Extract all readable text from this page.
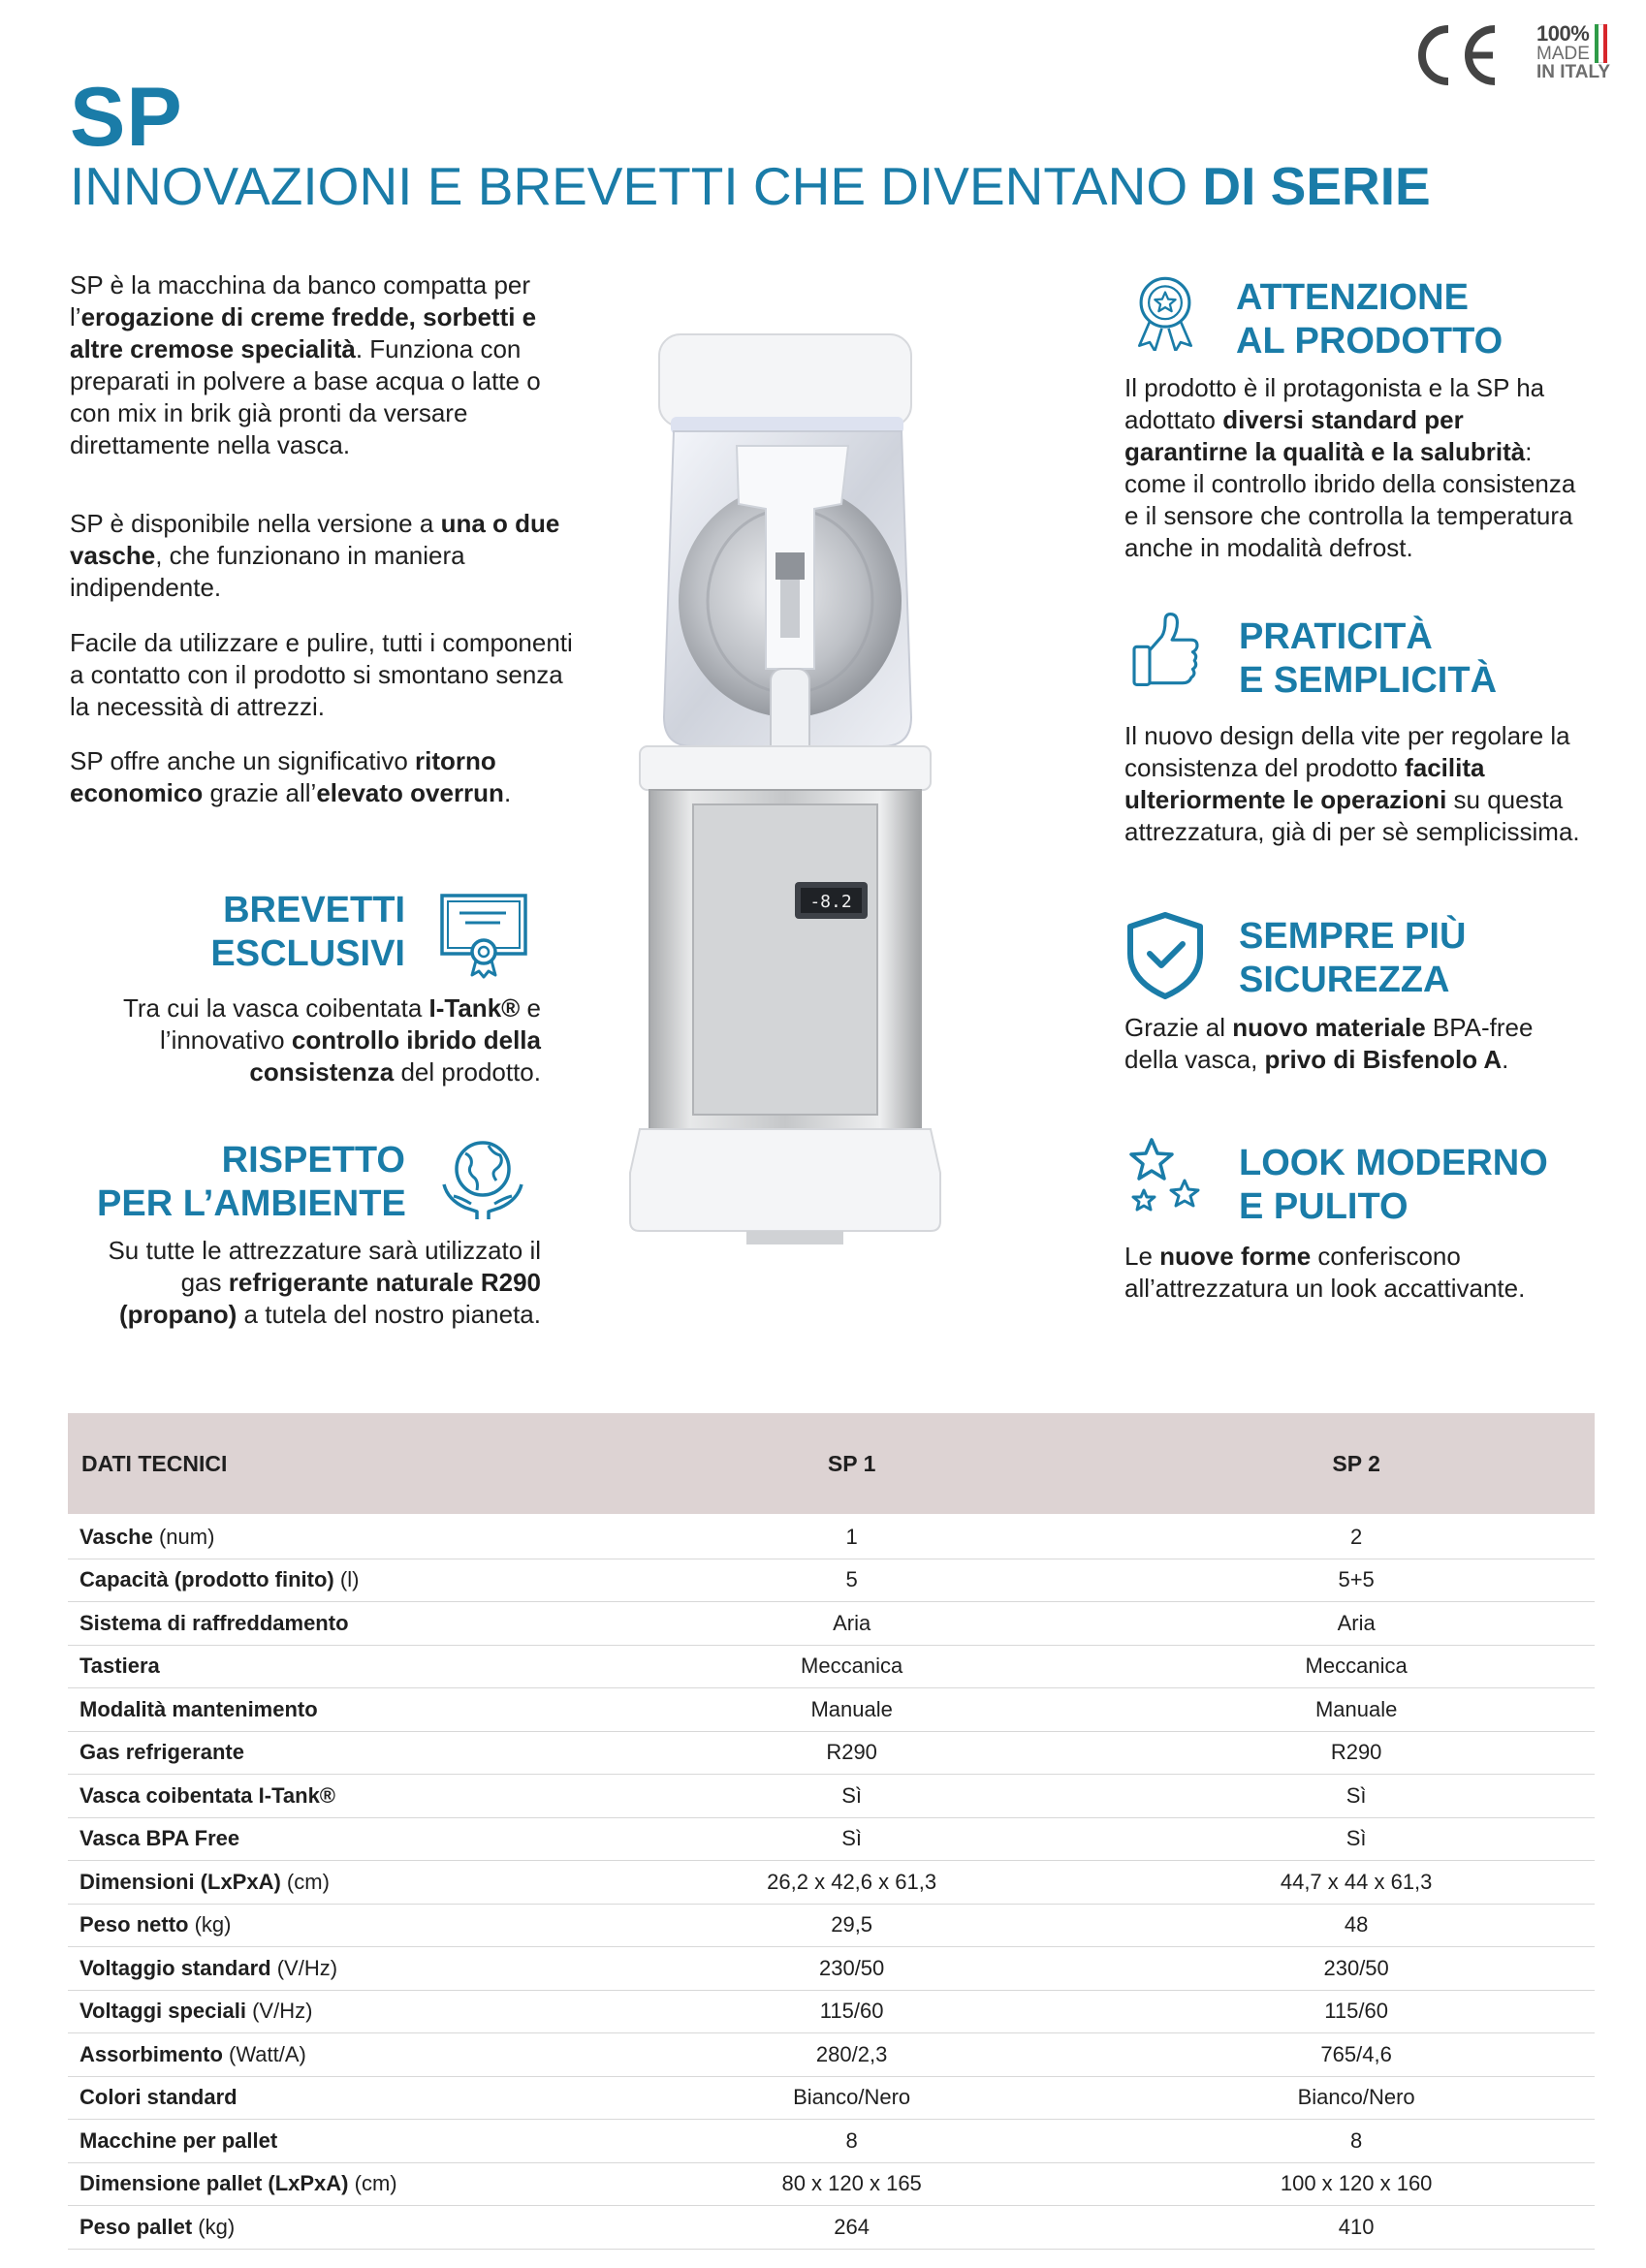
SP
INNOVAZIONI E BREVETTI CHE DIVENTANO DI SERIE
100%
MADE
IN ITALY

SP è la macchina da banco compatta per l’erogazione di creme fredde, sorbetti e altre cremose specialità. Funziona con preparati in polvere a base acqua o latte o con mix in brik già pronti da versare direttamente nella vasca.

SP è disponibile nella versione a una o due vasche, che funzionano in maniera indipendente.

Facile da utilizzare e pulire, tutti i componenti a contatto con il prodotto si smontano senza la necessità di attrezzi.

SP offre anche un significativo ritorno economico grazie all’elevato overrun.

BREVETTI
ESCLUSIVI
Tra cui la vasca coibentata I-Tank® e l’innovativo controllo ibrido della consistenza del prodotto.
RISPETTO
PER L’AMBIENTE
Su tutte le attrezzature sarà utilizzato il gas refrigerante naturale R290 (propano) a tutela del nostro pianeta.
-8.2
ATTENZIONE
AL PRODOTTO
Il prodotto è il protagonista e la SP ha adottato diversi standard per garantirne la qualità e la salubrità: come il controllo ibrido della consistenza e il sensore che controlla la temperatura anche in modalità defrost.
PRATICITÀ
E SEMPLICITÀ
Il nuovo design della vite per regolare la consistenza del prodotto facilita ulteriormente le operazioni su questa attrezzatura, già di per sè semplicissima.
SEMPRE PIÙ
SICUREZZA
Grazie al nuovo materiale BPA-free della vasca, privo di Bisfenolo A.
LOOK MODERNO
E PULITO
Le nuove forme conferiscono all’attrezzatura un look accattivante.
DATI TECNICI	SP 1	SP 2
Vasche (num)	1	2
Capacità (prodotto finito) (l)	5	5+5
Sistema di raffreddamento	Aria	Aria
Tastiera	Meccanica	Meccanica
Modalità mantenimento	Manuale	Manuale
Gas refrigerante	R290	R290
Vasca coibentata I-Tank®	Sì	Sì
Vasca BPA Free	Sì	Sì
Dimensioni (LxPxA) (cm)	26,2 x 42,6 x 61,3	44,7 x 44 x 61,3
Peso netto (kg)	29,5	48
Voltaggio standard (V/Hz)	230/50	230/50
Voltaggi speciali (V/Hz)	115/60	115/60
Assorbimento (Watt/A)	280/2,3	765/4,6
Colori standard	Bianco/Nero	Bianco/Nero
Macchine per pallet	8	8
Dimensione pallet (LxPxA) (cm)	80 x 120 x 165	100 x 120 x 160
Peso pallet (kg)	264	410
